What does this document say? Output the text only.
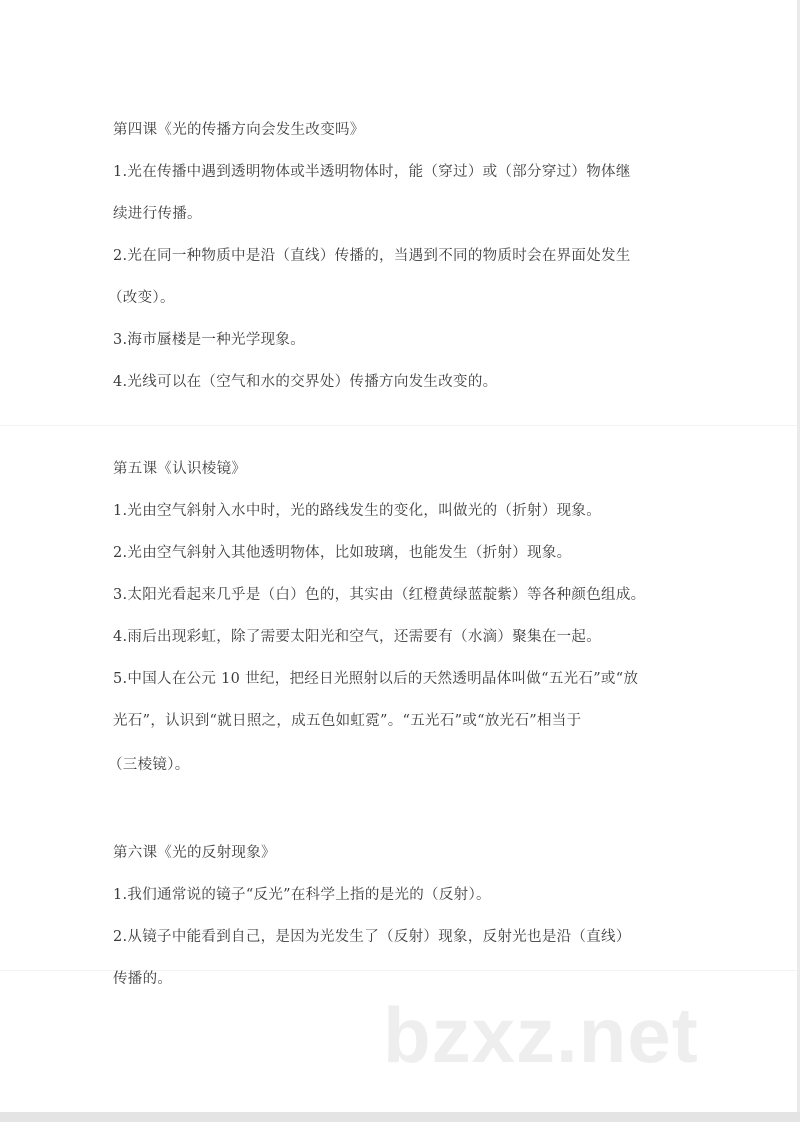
第四课《光的传播方向会发生改变吗》
1.光在传播中遇到透明物体或半透明物体时，能（穿过）或（部分穿过）物体继
续进行传播。
2.光在同一种物质中是沿（直线）传播的，当遇到不同的物质时会在界面处发生
（改变）。
3.海市蜃楼是一种光学现象。
4.光线可以在（空气和水的交界处）传播方向发生改变的。
第五课《认识棱镜》
1.光由空气斜射入水中时，光的路线发生的变化，叫做光的（折射）现象。
2.光由空气斜射入其他透明物体，比如玻璃，也能发生（折射）现象。
3.太阳光看起来几乎是（白）色的，其实由（红橙黄绿蓝靛紫）等各种颜色组成。
4.雨后出现彩虹，除了需要太阳光和空气，还需要有（水滴）聚集在一起。
5.中国人在公元 10 世纪，把经日光照射以后的天然透明晶体叫做“五光石”或“放
光石”，认识到“就日照之，成五色如虹霓”。“五光石”或“放光石”相当于
（三棱镜）。
第六课《光的反射现象》
1.我们通常说的镜子“反光”在科学上指的是光的（反射）。
2.从镜子中能看到自己，是因为光发生了（反射）现象，反射光也是沿（直线）
传播的。
bzxz.net
